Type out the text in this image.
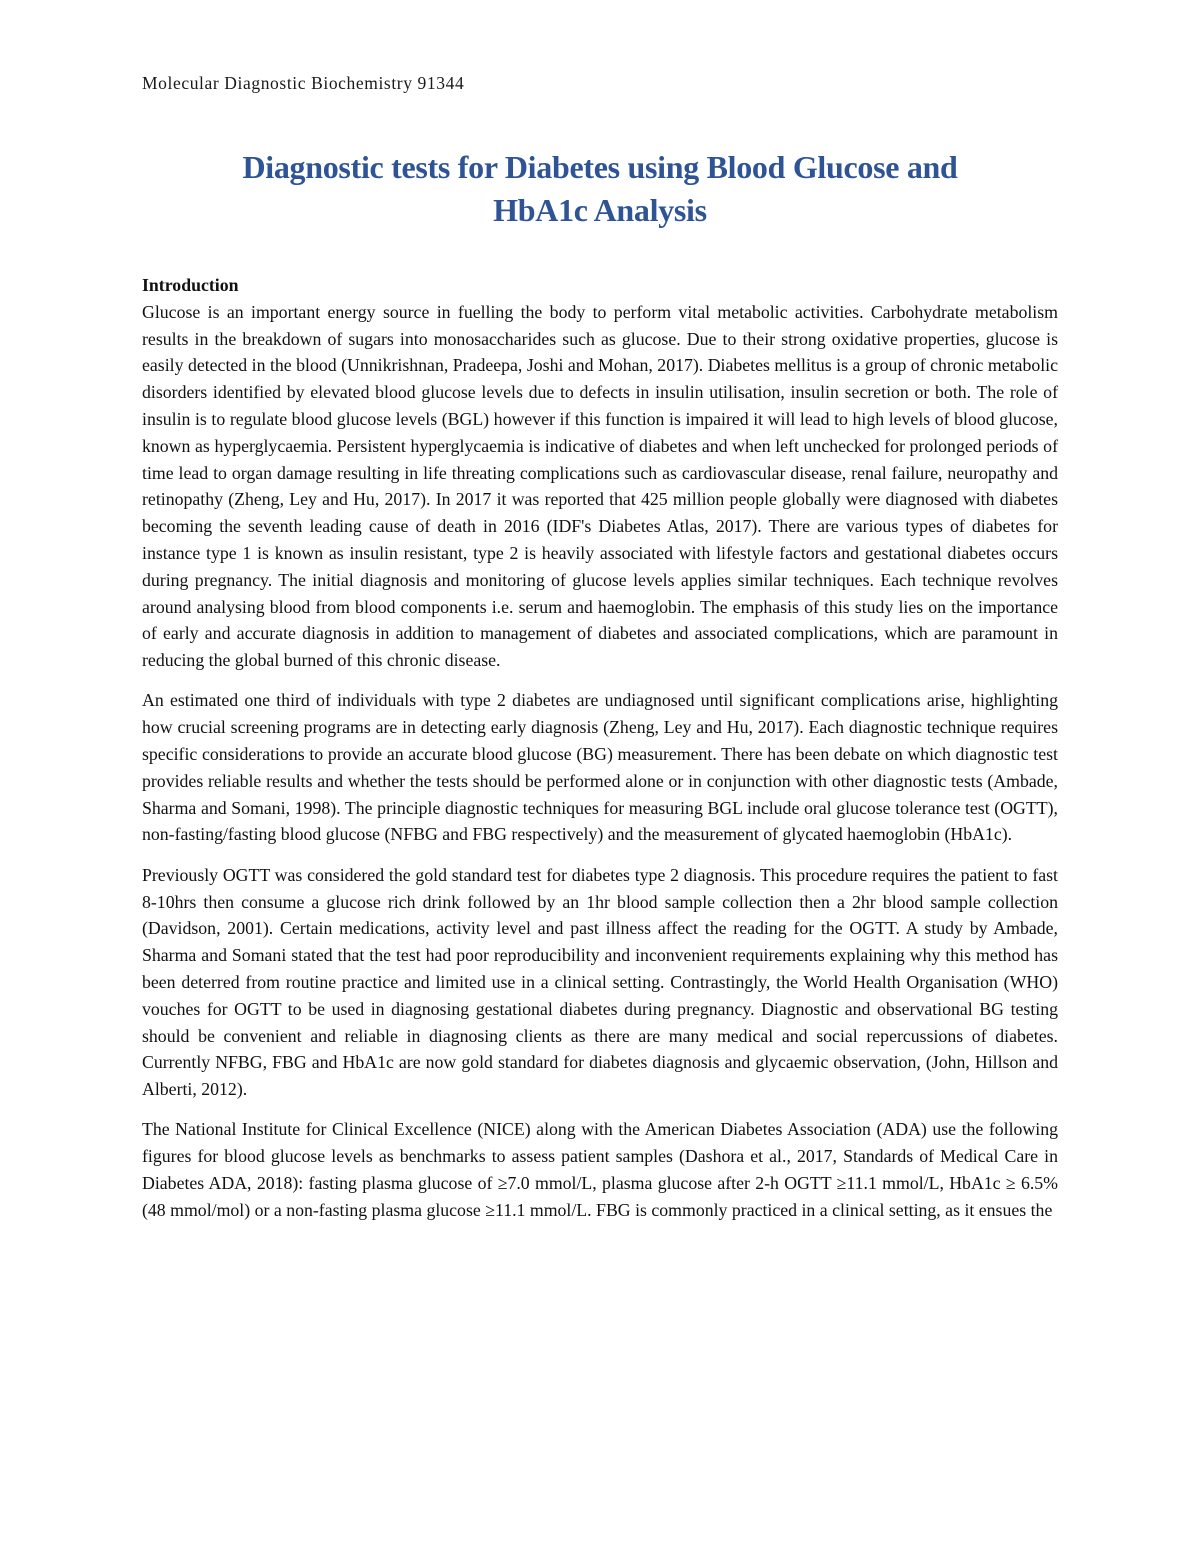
Molecular Diagnostic Biochemistry 91344
Diagnostic tests for Diabetes using Blood Glucose and
HbA1c Analysis
Introduction

Glucose is an important energy source in fuelling the body to perform vital metabolic activities. Carbohydrate metabolism results in the breakdown of sugars into monosaccharides such as glucose. Due to their strong oxidative properties, glucose is easily detected in the blood (Unnikrishnan, Pradeepa, Joshi and Mohan, 2017). Diabetes mellitus is a group of chronic metabolic disorders identified by elevated blood glucose levels due to defects in insulin utilisation, insulin secretion or both. The role of insulin is to regulate blood glucose levels (BGL) however if this function is impaired it will lead to high levels of blood glucose, known as hyperglycaemia. Persistent hyperglycaemia is indicative of diabetes and when left unchecked for prolonged periods of time lead to organ damage resulting in life threating complications such as cardiovascular disease, renal failure, neuropathy and retinopathy (Zheng, Ley and Hu, 2017). In 2017 it was reported that 425 million people globally were diagnosed with diabetes becoming the seventh leading cause of death in 2016 (IDF's Diabetes Atlas, 2017). There are various types of diabetes for instance type 1 is known as insulin resistant, type 2 is heavily associated with lifestyle factors and gestational diabetes occurs during pregnancy. The initial diagnosis and monitoring of glucose levels applies similar techniques. Each technique revolves around analysing blood from blood components i.e. serum and haemoglobin. The emphasis of this study lies on the importance of early and accurate diagnosis in addition to management of diabetes and associated complications, which are paramount in reducing the global burned of this chronic disease.

An estimated one third of individuals with type 2 diabetes are undiagnosed until significant complications arise, highlighting how crucial screening programs are in detecting early diagnosis (Zheng, Ley and Hu, 2017). Each diagnostic technique requires specific considerations to provide an accurate blood glucose (BG) measurement. There has been debate on which diagnostic test provides reliable results and whether the tests should be performed alone or in conjunction with other diagnostic tests (Ambade, Sharma and Somani, 1998). The principle diagnostic techniques for measuring BGL include oral glucose tolerance test (OGTT), non-fasting/fasting blood glucose (NFBG and FBG respectively) and the measurement of glycated haemoglobin (HbA1c).

Previously OGTT was considered the gold standard test for diabetes type 2 diagnosis. This procedure requires the patient to fast 8-10hrs then consume a glucose rich drink followed by an 1hr blood sample collection then a 2hr blood sample collection (Davidson, 2001). Certain medications, activity level and past illness affect the reading for the OGTT. A study by Ambade, Sharma and Somani stated that the test had poor reproducibility and inconvenient requirements explaining why this method has been deterred from routine practice and limited use in a clinical setting. Contrastingly, the World Health Organisation (WHO) vouches for OGTT to be used in diagnosing gestational diabetes during pregnancy. Diagnostic and observational BG testing should be convenient and reliable in diagnosing clients as there are many medical and social repercussions of diabetes. Currently NFBG, FBG and HbA1c are now gold standard for diabetes diagnosis and glycaemic observation, (John, Hillson and Alberti, 2012).

The National Institute for Clinical Excellence (NICE) along with the American Diabetes Association (ADA) use the following figures for blood glucose levels as benchmarks to assess patient samples (Dashora et al., 2017, Standards of Medical Care in Diabetes ADA, 2018): fasting plasma glucose of ≥7.0 mmol/L, plasma glucose after 2-h OGTT ≥11.1 mmol/L, HbA1c ≥ 6.5% (48 mmol/mol) or a non-fasting plasma glucose ≥11.1 mmol/L. FBG is commonly practiced in a clinical setting, as it ensues the
